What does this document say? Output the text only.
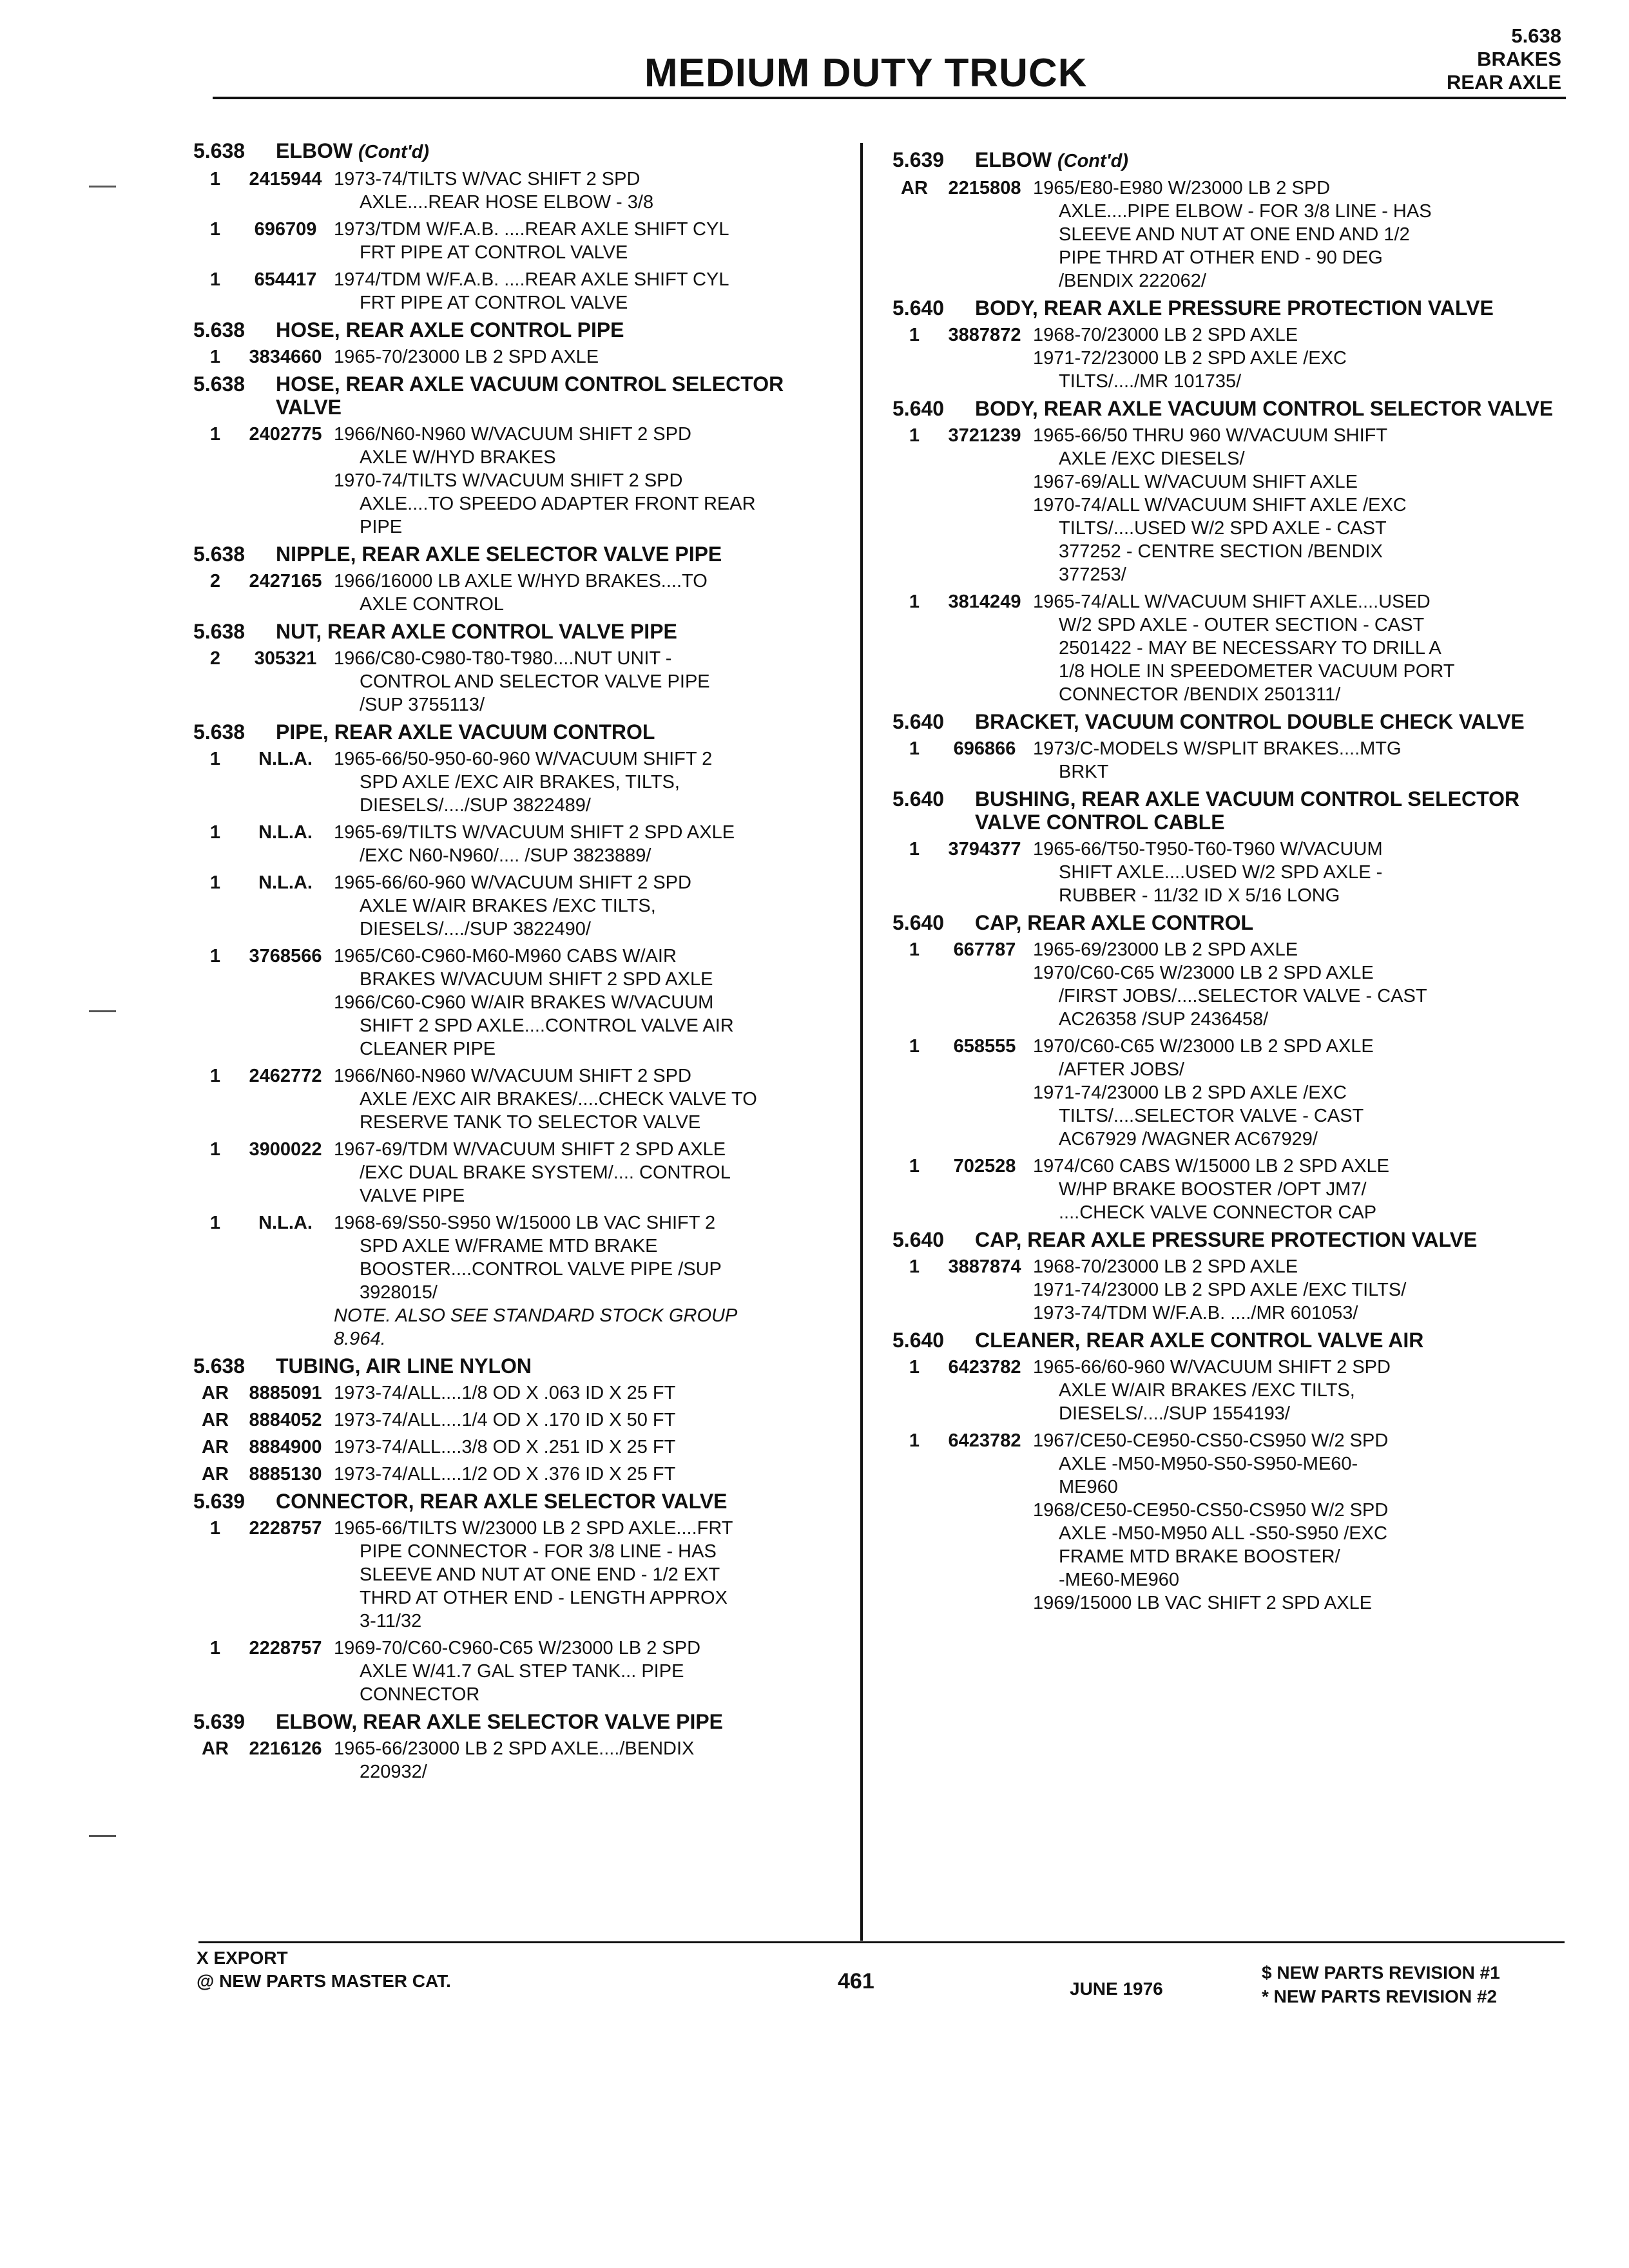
MEDIUM DUTY TRUCK
5.638
BRAKES
REAR AXLE
5.638	ELBOW (Cont'd)
1	2415944 1973-74/TILTS W/VAC SHIFT 2 SPD
AXLE....REAR HOSE ELBOW - 3/8
1	696709 1973/TDM W/F.A.B. ....REAR AXLE SHIFT CYL
FRT PIPE AT CONTROL VALVE
1	654417 1974/TDM W/F.A.B. ....REAR AXLE SHIFT CYL
FRT PIPE AT CONTROL VALVE
5.638	HOSE, REAR AXLE CONTROL PIPE
1	3834660 1965-70/23000 LB 2 SPD AXLE
5.638	HOSE, REAR AXLE VACUUM CONTROL SELECTOR VALVE
1	2402775 1966/N60-N960 W/VACUUM SHIFT 2 SPD
AXLE W/HYD BRAKES
1970-74/TILTS W/VACUUM SHIFT 2 SPD
AXLE....TO SPEEDO ADAPTER FRONT REAR
PIPE
5.638	NIPPLE, REAR AXLE SELECTOR VALVE PIPE
2	2427165 1966/16000 LB AXLE W/HYD BRAKES....TO
AXLE CONTROL
5.638	NUT, REAR AXLE CONTROL VALVE PIPE
2	305321 1966/C80-C980-T80-T980....NUT UNIT -
CONTROL AND SELECTOR VALVE PIPE
/SUP 3755113/
5.638	PIPE, REAR AXLE VACUUM CONTROL
1	N.L.A.	1965-66/50-950-60-960 W/VACUUM SHIFT 2
SPD AXLE /EXC AIR BRAKES, TILTS,
DIESELS/..../SUP 3822489/
1	N.L.A.	1965-69/TILTS W/VACUUM SHIFT 2 SPD AXLE
/EXC N60-N960/.... /SUP 3823889/
1	N.L.A.	1965-66/60-960 W/VACUUM SHIFT 2 SPD
AXLE W/AIR BRAKES /EXC TILTS,
DIESELS/..../SUP 3822490/
1	3768566 1965/C60-C960-M60-M960 CABS W/AIR
BRAKES W/VACUUM SHIFT 2 SPD AXLE
1966/C60-C960 W/AIR BRAKES W/VACUUM
SHIFT 2 SPD AXLE....CONTROL VALVE AIR
CLEANER PIPE
1	2462772 1966/N60-N960 W/VACUUM SHIFT 2 SPD
AXLE /EXC AIR BRAKES/....CHECK VALVE TO
RESERVE TANK TO SELECTOR VALVE
1	3900022 1967-69/TDM W/VACUUM SHIFT 2 SPD AXLE
/EXC DUAL BRAKE SYSTEM/.... CONTROL
VALVE PIPE
1	N.L.A.	1968-69/S50-S950 W/15000 LB VAC SHIFT 2
SPD AXLE W/FRAME MTD BRAKE
BOOSTER....CONTROL VALVE PIPE /SUP
3928015/
NOTE. ALSO SEE STANDARD STOCK GROUP
8.964.
5.638	TUBING, AIR LINE NYLON
AR	8885091 1973-74/ALL....1/8 OD X .063 ID X 25 FT
AR	8884052 1973-74/ALL....1/4 OD X .170 ID X 50 FT
AR	8884900 1973-74/ALL....3/8 OD X .251 ID X 25 FT
AR	8885130 1973-74/ALL....1/2 OD X .376 ID X 25 FT
5.639	CONNECTOR, REAR AXLE SELECTOR VALVE
1	2228757 1965-66/TILTS W/23000 LB 2 SPD AXLE....FRT
PIPE CONNECTOR - FOR 3/8 LINE - HAS
SLEEVE AND NUT AT ONE END - 1/2 EXT
THRD AT OTHER END - LENGTH APPROX
3-11/32
1	2228757 1969-70/C60-C960-C65 W/23000 LB 2 SPD
AXLE W/41.7 GAL STEP TANK... PIPE
CONNECTOR
5.639	ELBOW, REAR AXLE SELECTOR VALVE PIPE
AR	2216126 1965-66/23000 LB 2 SPD AXLE..../BENDIX
220932/
5.639	ELBOW (Cont'd)
AR	2215808 1965/E80-E980 W/23000 LB 2 SPD
AXLE....PIPE ELBOW - FOR 3/8 LINE - HAS
SLEEVE AND NUT AT ONE END AND 1/2
PIPE THRD AT OTHER END - 90 DEG
/BENDIX 222062/
5.640	BODY, REAR AXLE PRESSURE PROTECTION VALVE
1	3887872 1968-70/23000 LB 2 SPD AXLE
1971-72/23000 LB 2 SPD AXLE /EXC
TILTS/..../MR 101735/
5.640	BODY, REAR AXLE VACUUM CONTROL SELECTOR VALVE
1	3721239 1965-66/50 THRU 960 W/VACUUM SHIFT
AXLE /EXC DIESELS/
1967-69/ALL W/VACUUM SHIFT AXLE
1970-74/ALL W/VACUUM SHIFT AXLE /EXC
TILTS/....USED W/2 SPD AXLE - CAST
377252 - CENTRE SECTION /BENDIX
377253/
1	3814249 1965-74/ALL W/VACUUM SHIFT AXLE....USED
W/2 SPD AXLE - OUTER SECTION - CAST
2501422 - MAY BE NECESSARY TO DRILL A
1/8 HOLE IN SPEEDOMETER VACUUM PORT
CONNECTOR /BENDIX 2501311/
5.640	BRACKET, VACUUM CONTROL DOUBLE CHECK VALVE
1	696866 1973/C-MODELS W/SPLIT BRAKES....MTG
BRKT
5.640	BUSHING, REAR AXLE VACUUM CONTROL SELECTOR VALVE CONTROL CABLE
1	3794377 1965-66/T50-T950-T60-T960 W/VACUUM
SHIFT AXLE....USED W/2 SPD AXLE -
RUBBER - 11/32 ID X 5/16 LONG
5.640	CAP, REAR AXLE CONTROL
1	667787 1965-69/23000 LB 2 SPD AXLE
1970/C60-C65 W/23000 LB 2 SPD AXLE
/FIRST JOBS/....SELECTOR VALVE - CAST
AC26358 /SUP 2436458/
1	658555 1970/C60-C65 W/23000 LB 2 SPD AXLE
/AFTER JOBS/
1971-74/23000 LB 2 SPD AXLE /EXC
TILTS/....SELECTOR VALVE - CAST
AC67929 /WAGNER AC67929/
1	702528 1974/C60 CABS W/15000 LB 2 SPD AXLE
W/HP BRAKE BOOSTER /OPT JM7/
....CHECK VALVE CONNECTOR CAP
5.640	CAP, REAR AXLE PRESSURE PROTECTION VALVE
1	3887874 1968-70/23000 LB 2 SPD AXLE
1971-74/23000 LB 2 SPD AXLE /EXC TILTS/
1973-74/TDM W/F.A.B. ..../MR 601053/
5.640	CLEANER, REAR AXLE CONTROL VALVE AIR
1	6423782 1965-66/60-960 W/VACUUM SHIFT 2 SPD
AXLE W/AIR BRAKES /EXC TILTS,
DIESELS/..../SUP 1554193/
1	6423782 1967/CE50-CE950-CS50-CS950 W/2 SPD
AXLE -M50-M950-S50-S950-ME60-
ME960
1968/CE50-CE950-CS50-CS950 W/2 SPD
AXLE -M50-M950 ALL -S50-S950 /EXC
FRAME MTD BRAKE BOOSTER/
-ME60-ME960
1969/15000 LB VAC SHIFT 2 SPD AXLE
X EXPORT
@ NEW PARTS MASTER CAT.	461	JUNE 1976
$ NEW PARTS REVISION #1
* NEW PARTS REVISION #2
